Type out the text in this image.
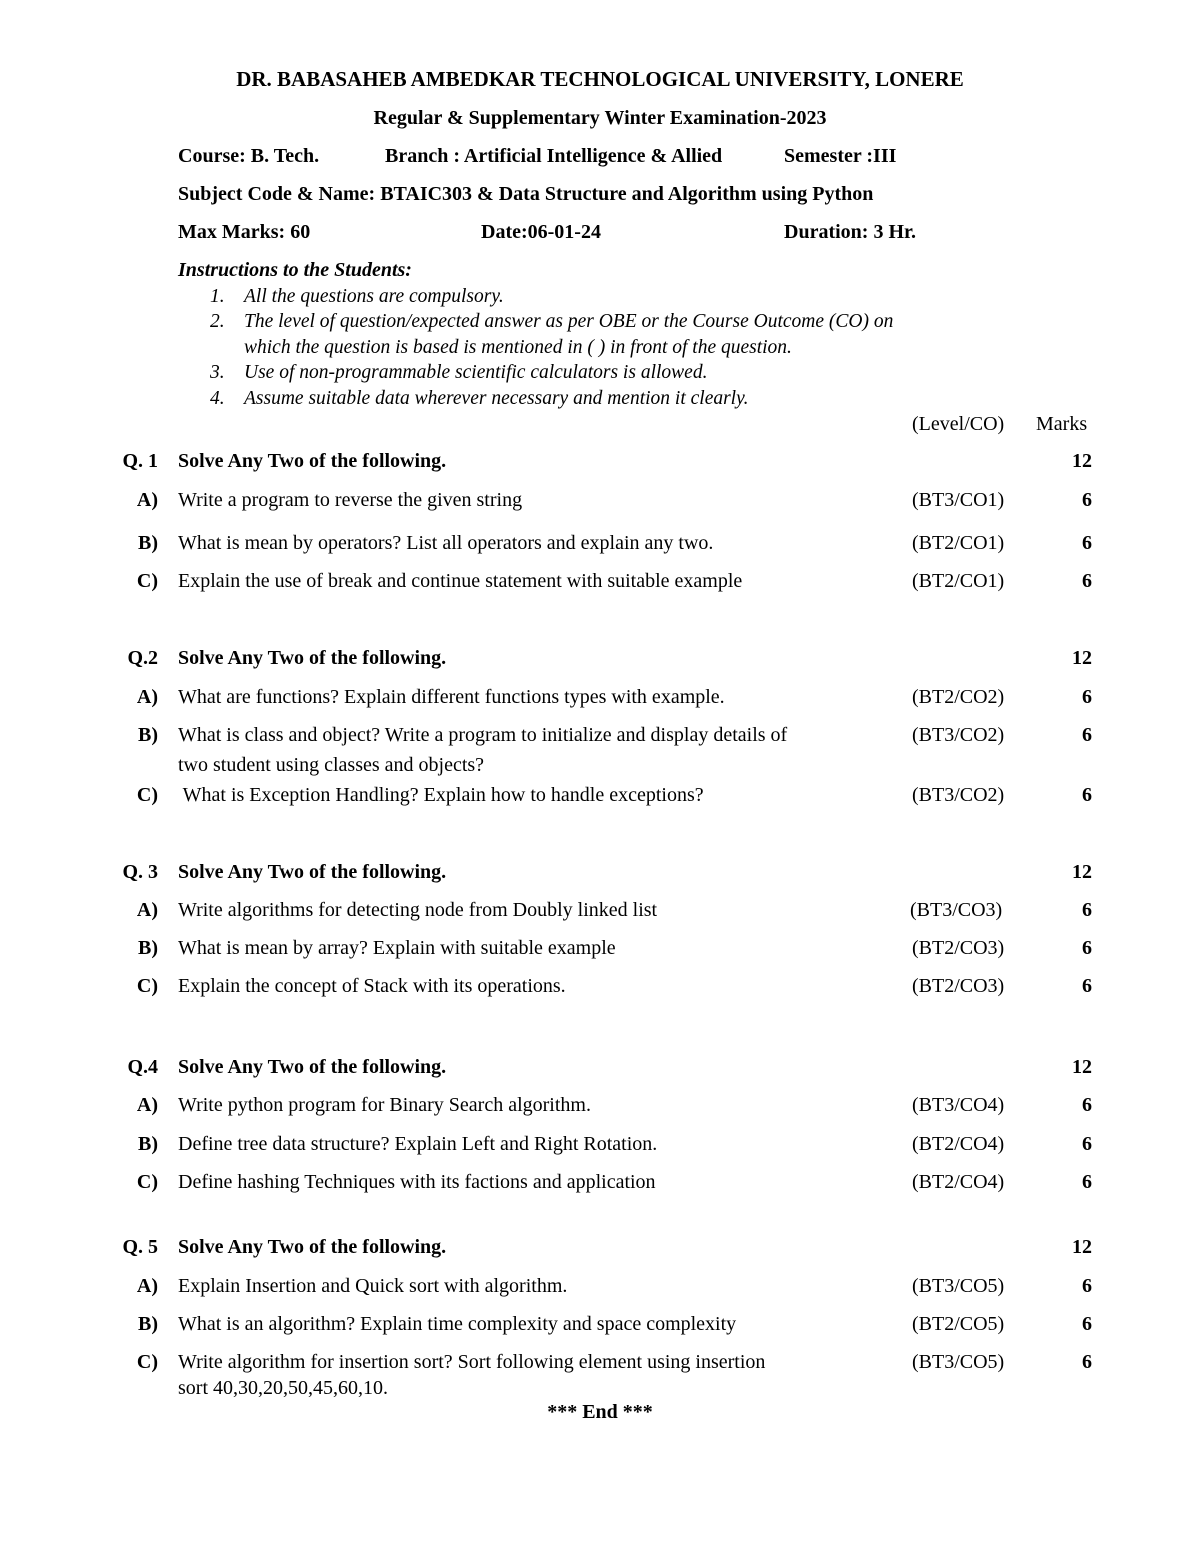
DR. BABASAHEB AMBEDKAR TECHNOLOGICAL UNIVERSITY, LONERE
Regular & Supplementary Winter Examination-2023
Course: B. Tech.	Branch : Artificial Intelligence & Allied	Semester :III
Subject Code & Name: BTAIC303 & Data Structure and Algorithm using Python
Max Marks: 60	Date:06-01-24	Duration: 3 Hr.
Instructions to the Students:
1. All the questions are compulsory.
2. The level of question/expected answer as per OBE or the Course Outcome (CO) on
which the question is based is mentioned in ( ) in front of the question.
3. Use of non-programmable scientific calculators is allowed.
4. Assume suitable data wherever necessary and mention it clearly.
(Level/CO) Marks
Q. 1 Solve Any Two of the following.	12
A) Write a program to reverse the given string	(BT3/CO1)	6
B) What is mean by operators? List all operators and explain any two.	(BT2/CO1)	6
C) Explain the use of break and continue statement with suitable example	(BT2/CO1)	6
Q.2 Solve Any Two of the following.	12
A) What are functions? Explain different functions types with example.	(BT2/CO2)	6
B) What is class and object? Write a program to initialize and display details of
two student using classes and objects?
(BT3/CO2)	6
C) What is Exception Handling? Explain how to handle exceptions?	(BT3/CO2)	6
Q. 3 Solve Any Two of the following.	12
A) Write algorithms for detecting node from Doubly linked list	(BT3/CO3)	6
B) What is mean by array? Explain with suitable example	(BT2/CO3)	6
C) Explain the concept of Stack with its operations.	(BT2/CO3)	6
Q.4 Solve Any Two of the following.	12
A) Write python program for Binary Search algorithm.	(BT3/CO4)	6
B) Define tree data structure? Explain Left and Right Rotation.	(BT2/CO4)	6
C) Define hashing Techniques with its factions and application	(BT2/CO4)	6
Q. 5 Solve Any Two of the following.	12
A) Explain Insertion and Quick sort with algorithm.	(BT3/CO5)	6
B) What is an algorithm? Explain time complexity and space complexity	(BT2/CO5)	6
C) Write algorithm for insertion sort? Sort following element using insertion
sort 40,30,20,50,45,60,10.
(BT3/CO5)	6
*** End ***
